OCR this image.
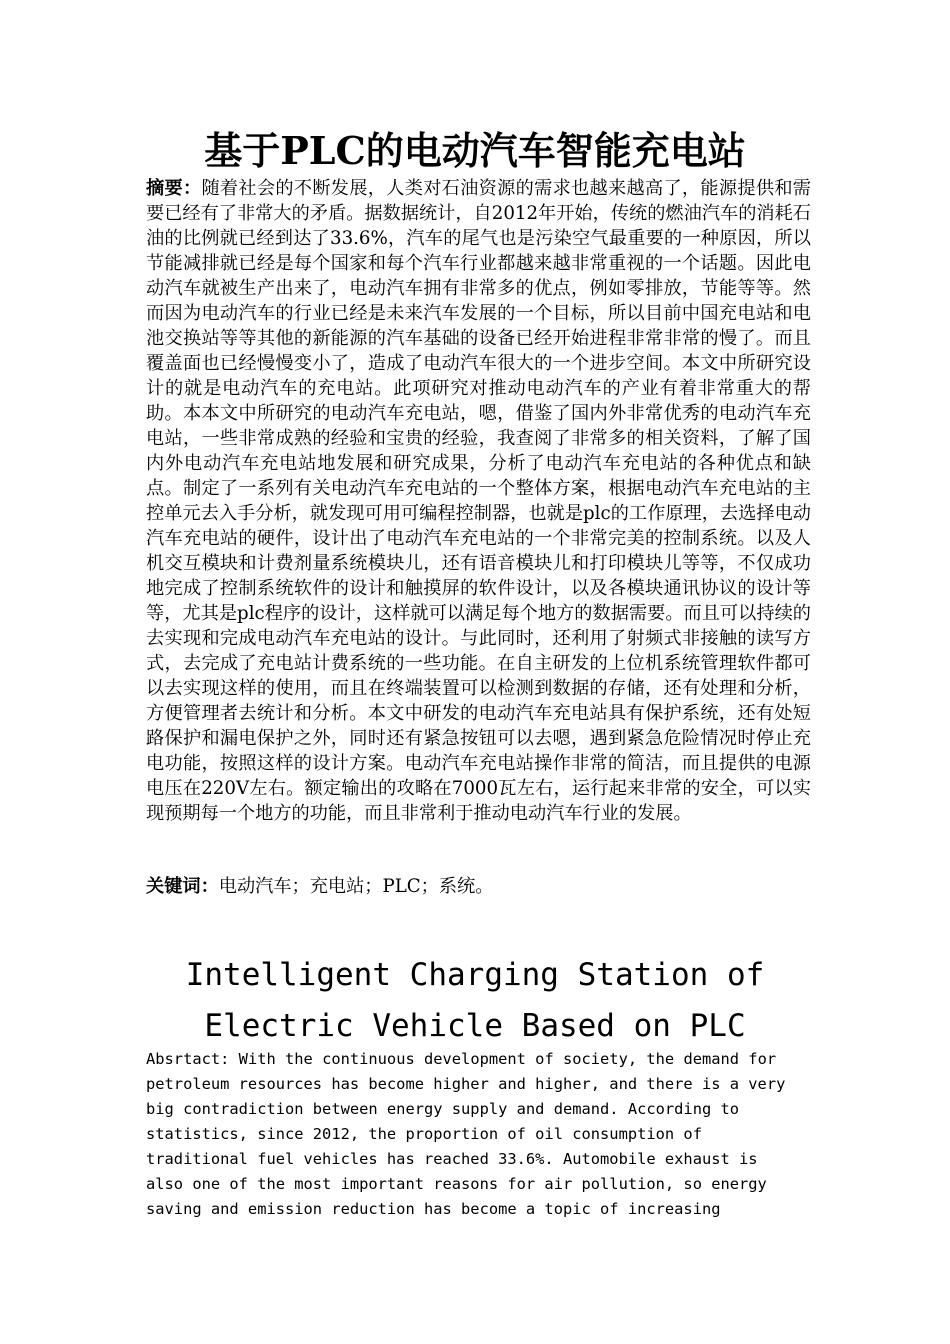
基于PLC的电动汽车智能充电站

摘要：随着社会的不断发展，人类对石油资源的需求也越来越高了，能源提供和需要已经有了非常大的矛盾。据数据统计，自2012年开始，传统的燃油汽车的消耗石油的比例就已经到达了33.6%，汽车的尾气也是污染空气最重要的一种原因，所以节能减排就已经是每个国家和每个汽车行业都越来越非常重视的一个话题。因此电动汽车就被生产出来了，电动汽车拥有非常多的优点，例如零排放，节能等等。然而因为电动汽车的行业已经是未来汽车发展的一个目标，所以目前中国充电站和电池交换站等等其他的新能源的汽车基础的设备已经开始进程非常非常的慢了。而且覆盖面也已经慢慢变小了，造成了电动汽车很大的一个进步空间。本文中所研究设计的就是电动汽车的充电站。此项研究对推动电动汽车的产业有着非常重大的帮助。本本文中所研究的电动汽车充电站，嗯，借鉴了国内外非常优秀的电动汽车充电站，一些非常成熟的经验和宝贵的经验，我查阅了非常多的相关资料，了解了国内外电动汽车充电站地发展和研究成果，分析了电动汽车充电站的各种优点和缺点。制定了一系列有关电动汽车充电站的一个整体方案，根据电动汽车充电站的主控单元去入手分析，就发现可用可编程控制器，也就是plc的工作原理，去选择电动汽车充电站的硬件，设计出了电动汽车充电站的一个非常完美的控制系统。以及人机交互模块和计费剂量系统模块儿，还有语音模块儿和打印模块儿等等，不仅成功地完成了控制系统软件的设计和触摸屏的软件设计，以及各模块通讯协议的设计等等，尤其是plc程序的设计，这样就可以满足每个地方的数据需要。而且可以持续的去实现和完成电动汽车充电站的设计。与此同时，还利用了射频式非接触的读写方式，去完成了充电站计费系统的一些功能。在自主研发的上位机系统管理软件都可以去实现这样的使用，而且在终端装置可以检测到数据的存储，还有处理和分析，方便管理者去统计和分析。本文中研发的电动汽车充电站具有保护系统，还有处短路保护和漏电保护之外，同时还有紧急按钮可以去嗯，遇到紧急危险情况时停止充电功能，按照这样的设计方案。电动汽车充电站操作非常的简洁，而且提供的电源电压在220V左右。额定输出的攻略在7000瓦左右，运行起来非常的安全，可以实现预期每一个地方的功能，而且非常利于推动电动汽车行业的发展。

关键词：电动汽车；充电站；PLC；系统。

Intelligent Charging Station of
Electric Vehicle Based on PLC

Absrtact: With the continuous development of society, the demand for
petroleum resources has become higher and higher, and there is a very
big contradiction between energy supply and demand. According to
statistics, since 2012, the proportion of oil consumption of
traditional fuel vehicles has reached 33.6%. Automobile exhaust is
also one of the most important reasons for air pollution, so energy
saving and emission reduction has become a topic of increasing
